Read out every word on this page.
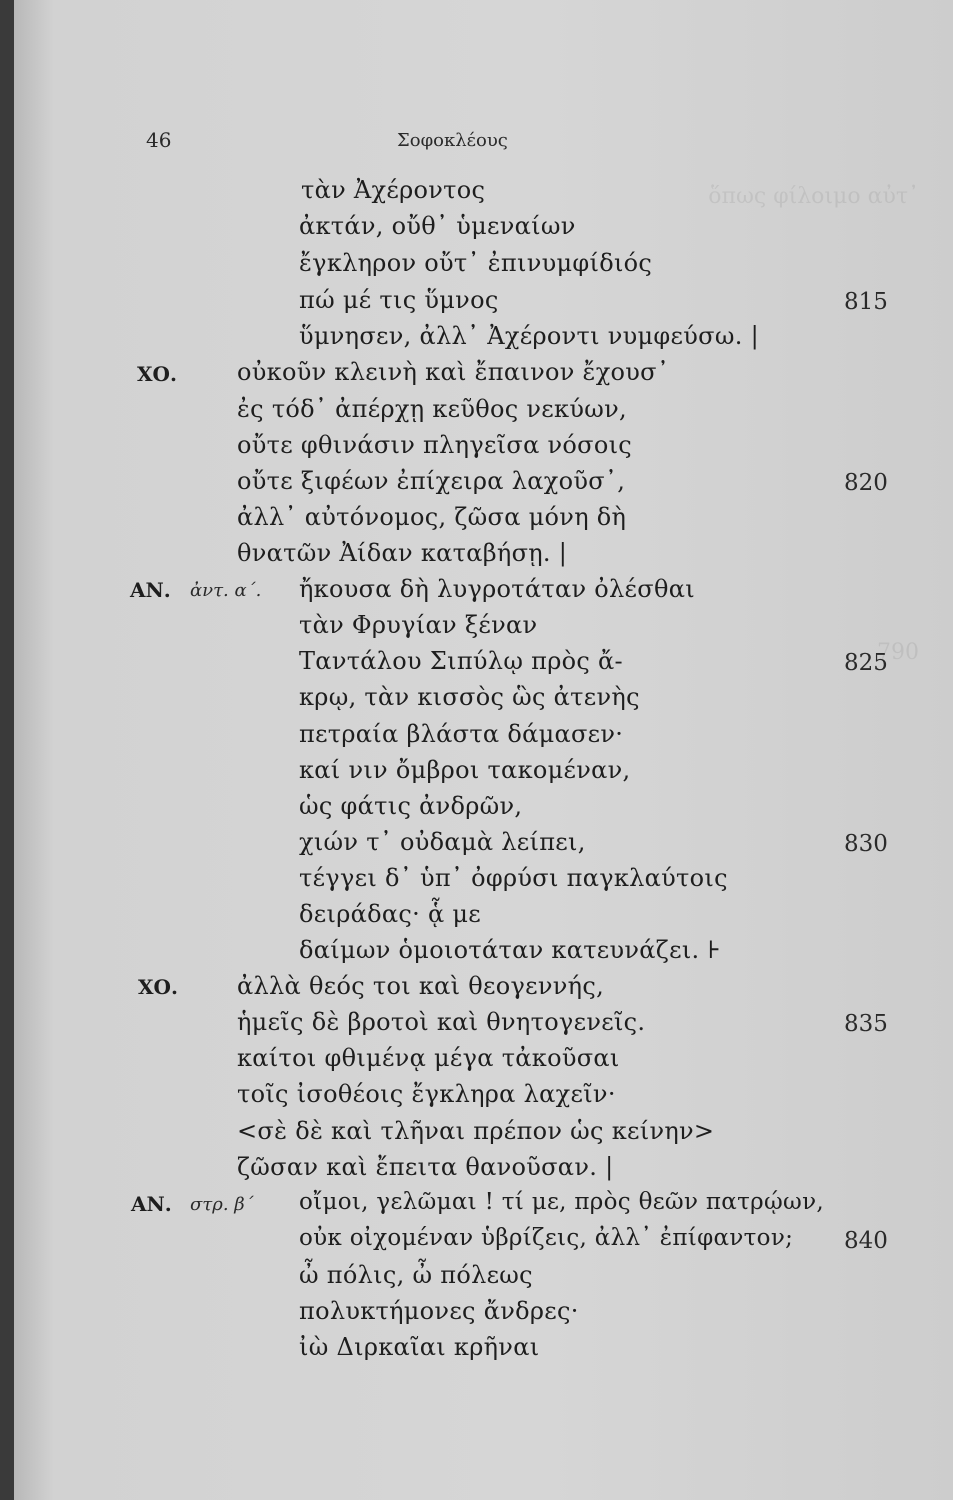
46	Σοφοκλέους
ὅπως φίλοιμο αὐτ᾽
790
τὰν Ἀχέροντος
ἀκτάν, οὔθ᾽ ὑμεναίων
ἔγκληρον οὔτ᾽ ἐπινυμφίδιός
πώ μέ τις ὕμνος
ὕμνησεν, ἀλλ᾽ Ἀχέροντι νυμφεύσω. |
οὐκοῦν κλεινὴ καὶ ἔπαινον ἔχουσ᾽
ἐς τόδ᾽ ἀπέρχῃ κεῦθος νεκύων,
οὔτε φθινάσιν πληγεῖσα νόσοις
οὔτε ξιφέων ἐπίχειρα λαχοῦσ᾽,
ἀλλ᾽ αὐτόνομος, ζῶσα μόνη δὴ
θνατῶν Ἀίδαν καταβήσῃ. |
ἤκουσα δὴ λυγροτάταν ὀλέσθαι
τὰν Φρυγίαν ξέναν
Ταντάλου Σιπύλῳ πρὸς ἄ-
κρῳ, τὰν κισσὸς ὣς ἀτενὴς
πετραία βλάστα δάμασεν·
καί νιν ὄμβροι τακομέναν,
ὡς φάτις ἀνδρῶν,
χιών τ᾽ οὐδαμὰ λείπει,
τέγγει δ᾽ ὑπ᾽ ὀφρύσι παγκλαύτοις
δειράδας· ᾇ με
δαίμων ὁμοιοτάταν κατευνάζει. ⊦
ἀλλὰ θεός τοι καὶ θεογεννής,
ἡμεῖς δὲ βροτοὶ καὶ θνητογενεῖς.
καίτοι φθιμένᾳ μέγα τἀκοῦσαι
τοῖς ἰσοθέοις ἔγκληρα λαχεῖν·
<σὲ δὲ καὶ τλῆναι πρέπον ὡς κείνην>
ζῶσαν καὶ ἔπειτα θανοῦσαν. |
οἴμοι, γελῶμαι ! τί με, πρὸς θεῶν πατρῴων,
οὐκ οἰχομέναν ὑβρίζεις, ἀλλ᾽ ἐπίφαντον;
ὦ πόλις, ὦ πόλεως
πολυκτήμονες ἄνδρες·
ἰὼ Διρκαῖαι κρῆναι
ΧΟ.
ΑΝ.
ΧΟ.
ΑΝ.
ἀντ. α΄.
στρ. β΄
815
820
825
830
835
840
